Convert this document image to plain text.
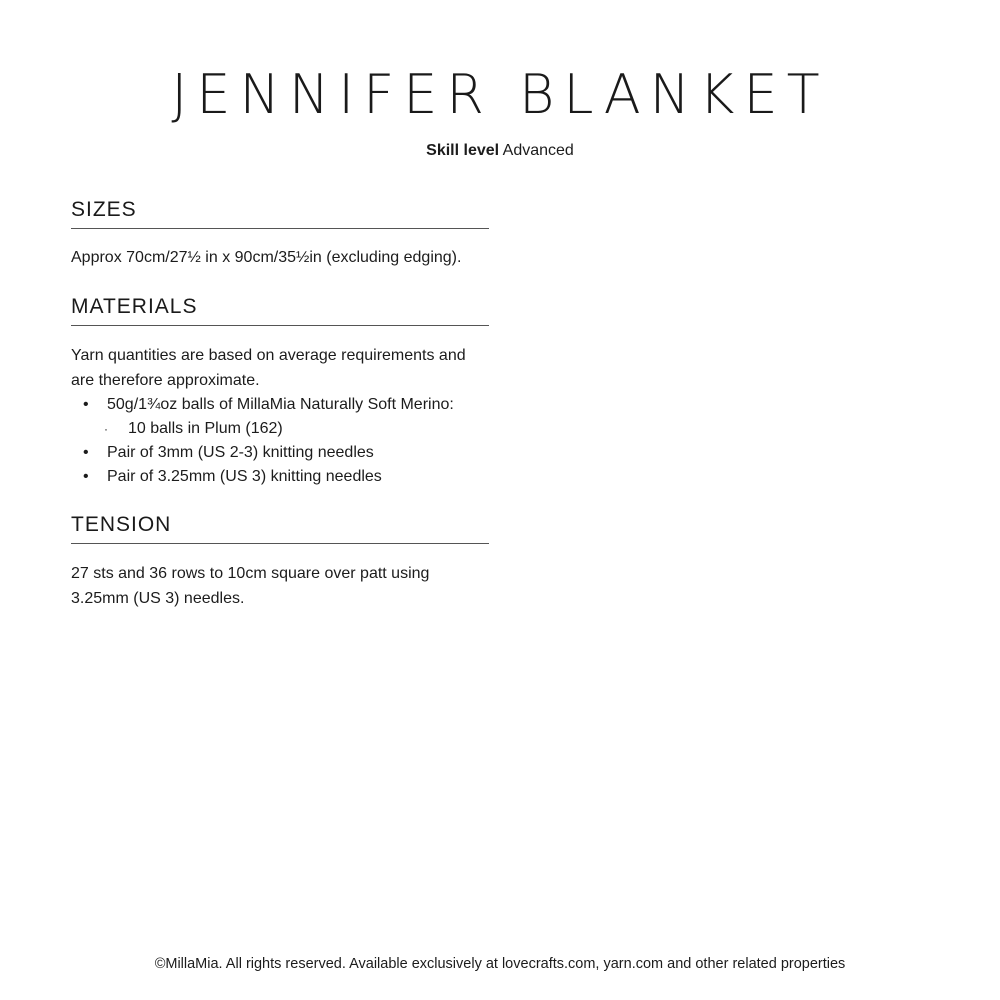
JENNIFER BLANKET
Skill level Advanced
SIZES
Approx 70cm/27½ in x 90cm/35½in (excluding edging).
MATERIALS
Yarn quantities are based on average requirements and are therefore approximate.
• 50g/1¾oz balls of MillaMia Naturally Soft Merino:
· 10 balls in Plum (162)
• Pair of 3mm (US 2-3) knitting needles
• Pair of 3.25mm (US 3) knitting needles
TENSION
27 sts and 36 rows to 10cm square over patt using 3.25mm (US 3) needles.
©MillaMia. All rights reserved. Available exclusively at lovecrafts.com, yarn.com and other related properties
